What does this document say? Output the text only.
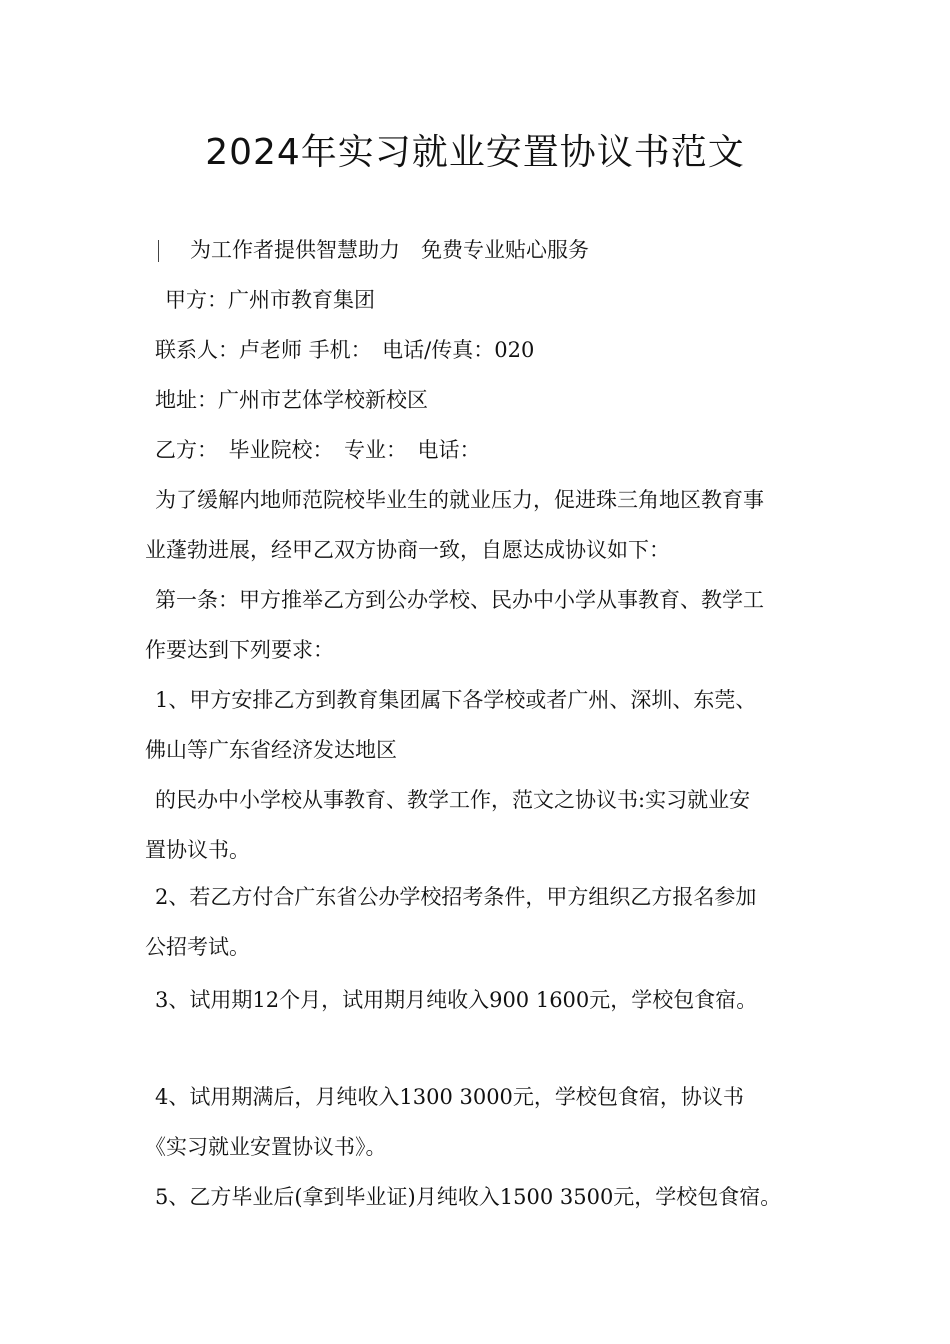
2024年实习就业安置协议书范文

为工作者提供智慧助力　免费专业贴心服务

甲方：广州市教育集团

联系人：卢老师 手机：　电话/传真：020

地址：广州市艺体学校新校区

乙方：　毕业院校：　专业：　电话：

为了缓解内地师范院校毕业生的就业压力，促进珠三角地区教育事

业蓬勃进展，经甲乙双方协商一致，自愿达成协议如下：

第一条：甲方推举乙方到公办学校、民办中小学从事教育、教学工

作要达到下列要求：

1、甲方安排乙方到教育集团属下各学校或者广州、深圳、东莞、

佛山等广东省经济发达地区

的民办中小学校从事教育、教学工作，范文之协议书:实习就业安

置协议书。

2、若乙方付合广东省公办学校招考条件，甲方组织乙方报名参加

公招考试。

3、试用期12个月，试用期月纯收入900 1600元，学校包食宿。

4、试用期满后，月纯收入1300 3000元，学校包食宿，协议书

《实习就业安置协议书》。

5、乙方毕业后(拿到毕业证)月纯收入1500 3500元，学校包食宿。
